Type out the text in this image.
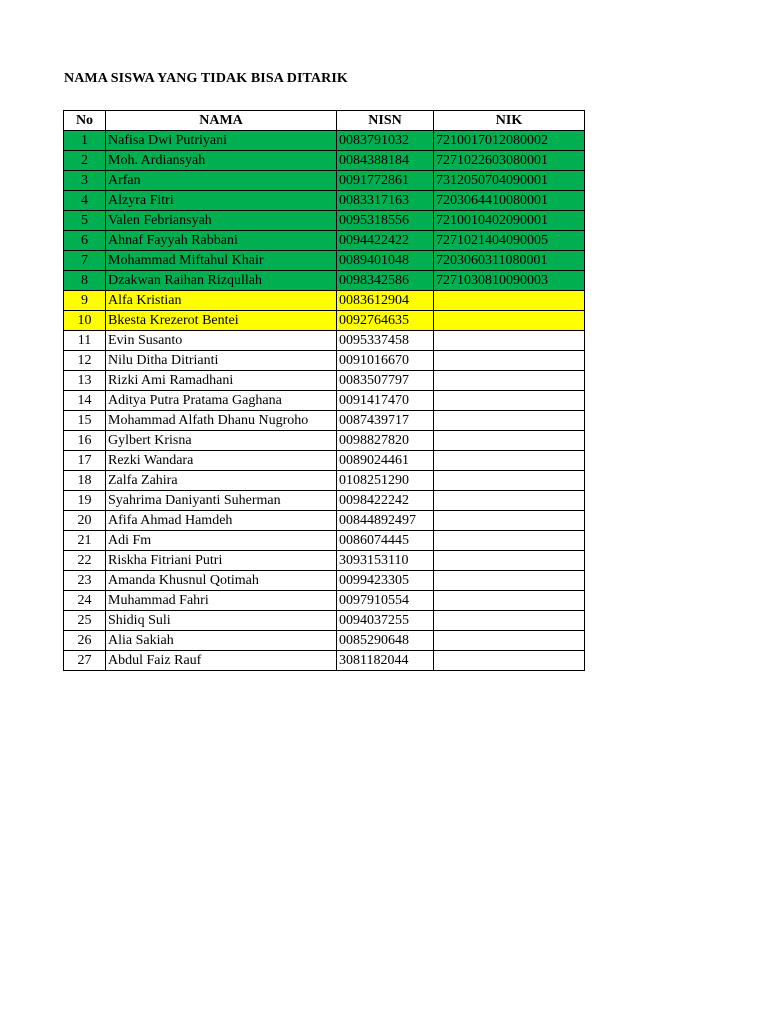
NAMA SISWA YANG TIDAK BISA DITARIK
No	NAMA	NISN	NIK
1	Nafisa Dwi Putriyani	0083791032	7210017012080002
2	Moh. Ardiansyah	0084388184	7271022603080001
3	Arfan	0091772861	7312050704090001
4	Alzyra Fitri	0083317163	7203064410080001
5	Valen Febriansyah	0095318556	7210010402090001
6	Ahnaf Fayyah Rabbani	0094422422	7271021404090005
7	Mohammad Miftahul Khair	0089401048	7203060311080001
8	Dzakwan Raihan Rizqullah	0098342586	7271030810090003
9	Alfa Kristian	0083612904	
10	Bkesta Krezerot Bentei	0092764635	
11	Evin Susanto	0095337458	
12	Nilu Ditha Ditrianti	0091016670	
13	Rizki Ami Ramadhani	0083507797	
14	Aditya Putra Pratama Gaghana	0091417470	
15	Mohammad Alfath Dhanu Nugroho	0087439717	
16	Gylbert Krisna	0098827820	
17	Rezki Wandara	0089024461	
18	Zalfa Zahira	0108251290	
19	Syahrima Daniyanti Suherman	0098422242	
20	Afifa Ahmad Hamdeh	00844892497	
21	Adi Fm	0086074445	
22	Riskha Fitriani Putri	3093153110	
23	Amanda Khusnul Qotimah	0099423305	
24	Muhammad Fahri	0097910554	
25	Shidiq Suli	0094037255	
26	Alia Sakiah	0085290648	
27	Abdul Faiz Rauf	3081182044	
